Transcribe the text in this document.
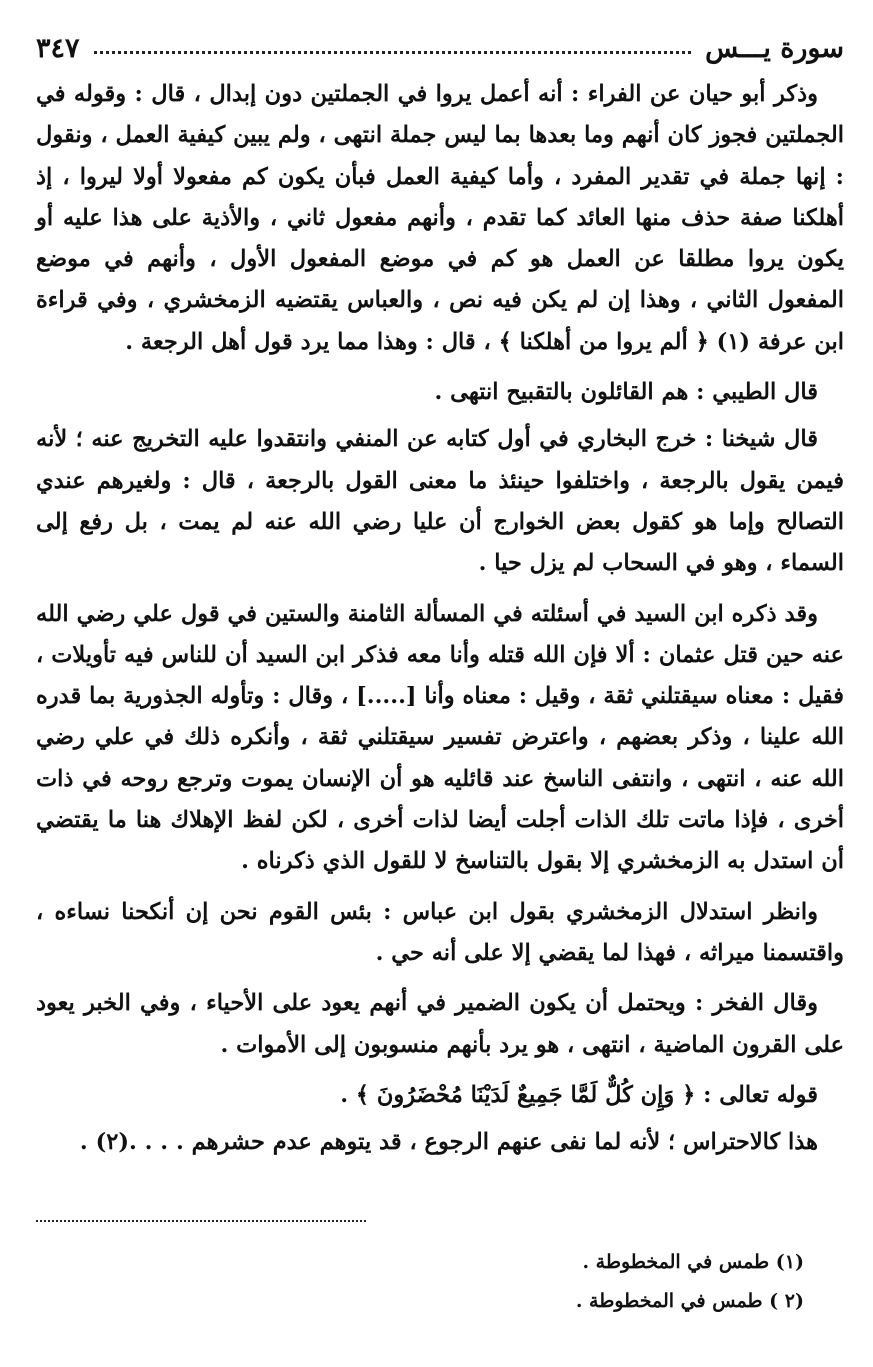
سورة يـــس
٣٤٧

وذكر أبو حيان عن الفراء : أنه أعمل يروا في الجملتين دون إبدال ، قال : وقوله في الجملتين فجوز كان أنهم وما بعدها بما ليس جملة انتهى ، ولم يبين كيفية العمل ، ونقول : إنها جملة في تقدير المفرد ، وأما كيفية العمل فبأن يكون كم مفعولا أولا ليروا ، إذ أهلكنا صفة حذف منها العائد كما تقدم ، وأنهم مفعول ثاني ، والأذية على هذا عليه أو يكون يروا مطلقا عن العمل هو كم في موضع المفعول الأول ، وأنهم في موضع المفعول الثاني ، وهذا إن لم يكن فيه نص ، والعباس يقتضيه الزمخشري ، وفي قراءة ابن عرفة (١) ﴿ ألم يروا من أهلكنا ﴾ ، قال : وهذا مما يرد قول أهل الرجعة .

قال الطيبي : هم القائلون بالتقبيح انتهى .

قال شيخنا : خرج البخاري في أول كتابه عن المنفي وانتقدوا عليه التخريج عنه ؛ لأنه فيمن يقول بالرجعة ، واختلفوا حينئذ ما معنى القول بالرجعة ، قال : ولغيرهم عندي التصالح وإما هو كقول بعض الخوارج أن عليا رضي الله عنه لم يمت ، بل رفع إلى السماء ، وهو في السحاب لم يزل حيا .

وقد ذكره ابن السيد في أسئلته في المسألة الثامنة والستين في قول علي رضي الله عنه حين قتل عثمان : ألا فإن الله قتله وأنا معه فذكر ابن السيد أن للناس فيه تأويلات ، فقيل : معناه سيقتلني ثقة ، وقيل : معناه وأنا [.....] ، وقال : وتأوله الجذورية بما قدره الله علينا ، وذكر بعضهم ، واعترض تفسير سيقتلني ثقة ، وأنكره ذلك في علي رضي الله عنه ، انتهى ، وانتفى الناسخ عند قائليه هو أن الإنسان يموت وترجع روحه في ذات أخرى ، فإذا ماتت تلك الذات أجلت أيضا لذات أخرى ، لكن لفظ الإهلاك هنا ما يقتضي أن استدل به الزمخشري إلا بقول بالتناسخ لا للقول الذي ذكرناه .

وانظر استدلال الزمخشري بقول ابن عباس : بئس القوم نحن إن أنكحنا نساءه ، واقتسمنا ميراثه ، فهذا لما يقضي إلا على أنه حي .

وقال الفخر : ويحتمل أن يكون الضمير في أنهم يعود على الأحياء ، وفي الخبر يعود على القرون الماضية ، انتهى ، هو يرد بأنهم منسوبون إلى الأموات .

قوله تعالى : ﴿ وَإِن كُلٌّ لَمَّا جَمِيعٌ لَدَيْنَا مُحْضَرُونَ ﴾ .

هذا كالاحتراس ؛ لأنه لما نفى عنهم الرجوع ، قد يتوهم عدم حشرهم . . . .(٢) .

(١) طمس في المخطوطة .
(٢ ) طمس في المخطوطة .
